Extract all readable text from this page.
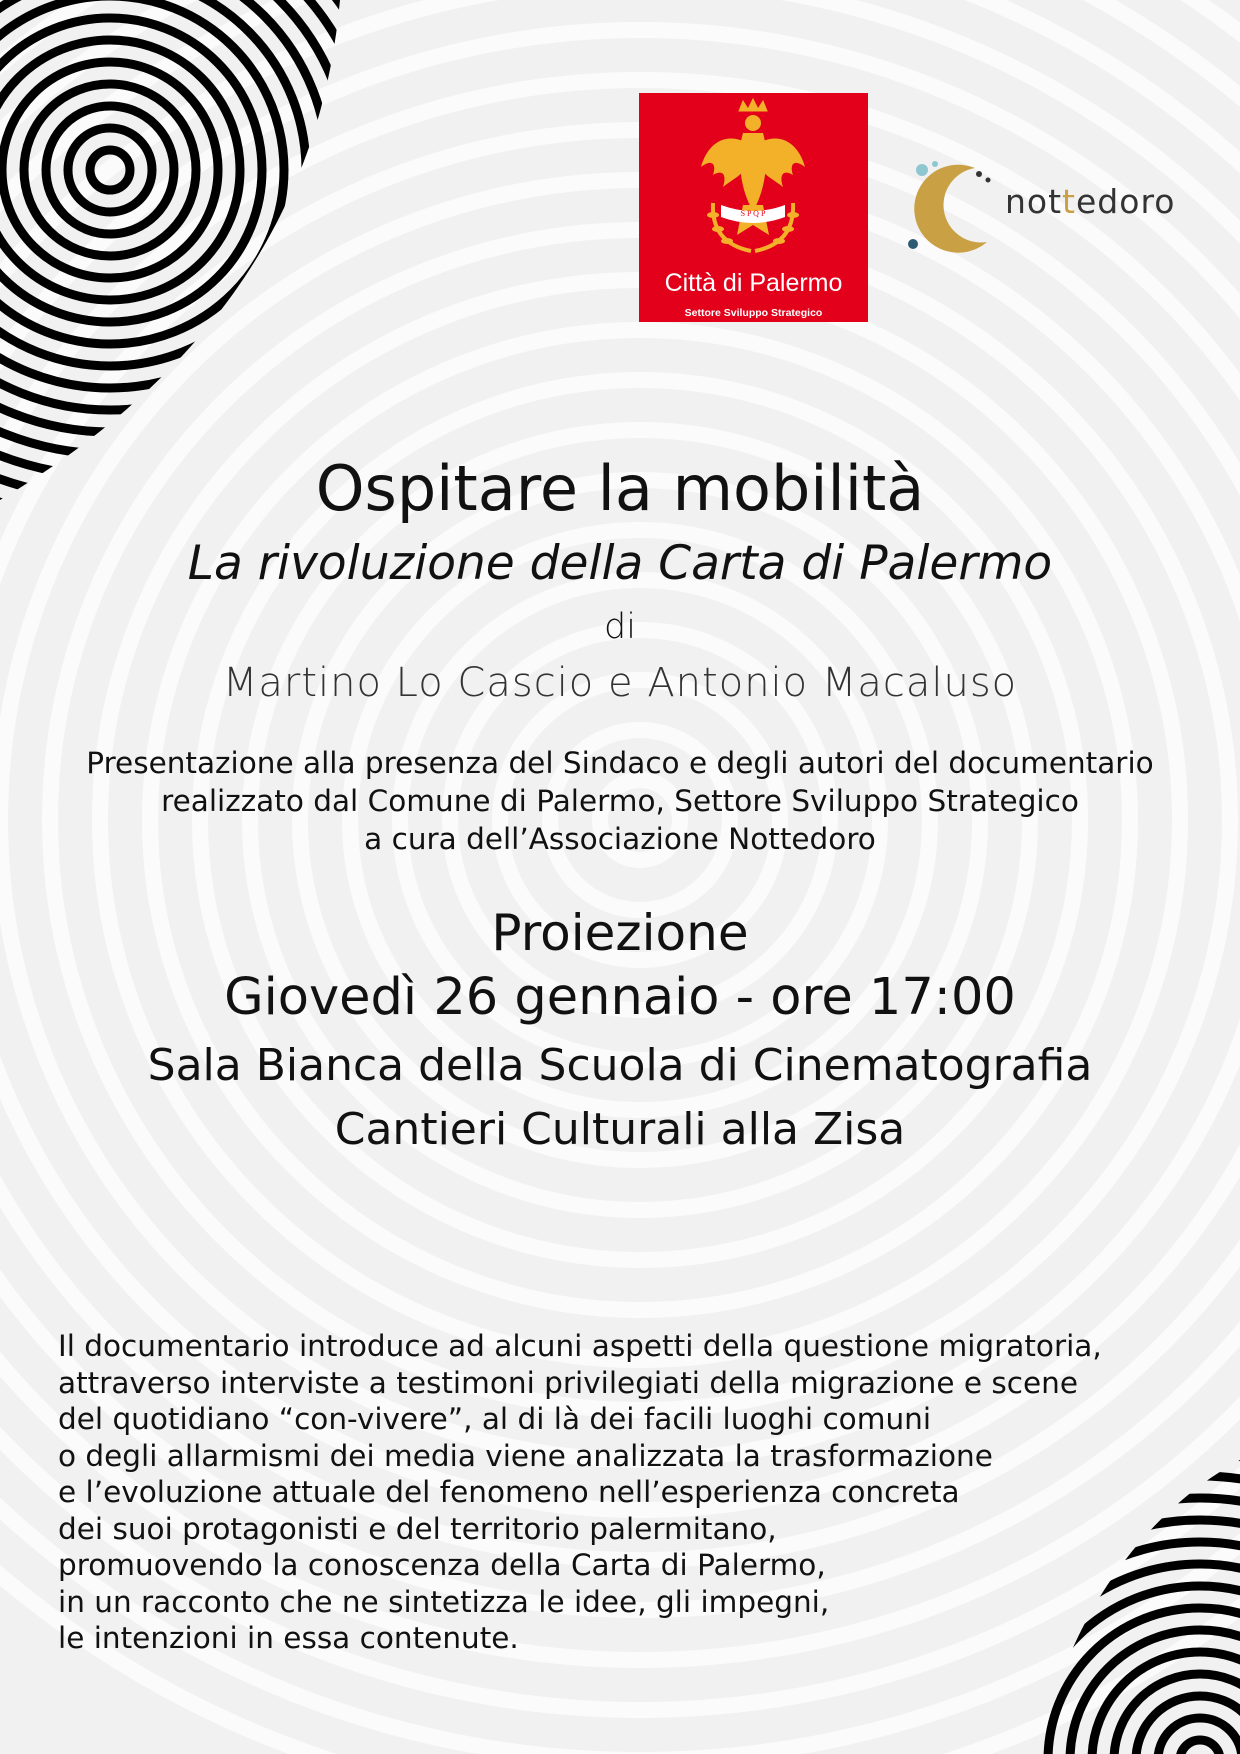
S P Q P
Città di Palermo
Settore Sviluppo Strategico
nottedoro
Ospitare la mobilità
La rivoluzione della Carta di Palermo
di
Martino Lo Cascio e Antonio Macaluso
Presentazione alla presenza del Sindaco e degli autori del documentario
realizzato dal Comune di Palermo, Settore Sviluppo Strategico
a cura dell’Associazione Nottedoro
Proiezione
Giovedì 26 gennaio - ore 17:00
Sala Bianca della Scuola di Cinematografia
Cantieri Culturali alla Zisa
Il documentario introduce ad alcuni aspetti della questione migratoria,
attraverso interviste a testimoni privilegiati della migrazione e scene
del quotidiano “con-vivere”, al di là dei facili luoghi comuni
o degli allarmismi dei media viene analizzata la trasformazione
e l’evoluzione attuale del fenomeno nell’esperienza concreta
dei suoi protagonisti e del territorio palermitano,
promuovendo la conoscenza della Carta di Palermo,
in un racconto che ne sintetizza le idee, gli impegni,
le intenzioni in essa contenute.
